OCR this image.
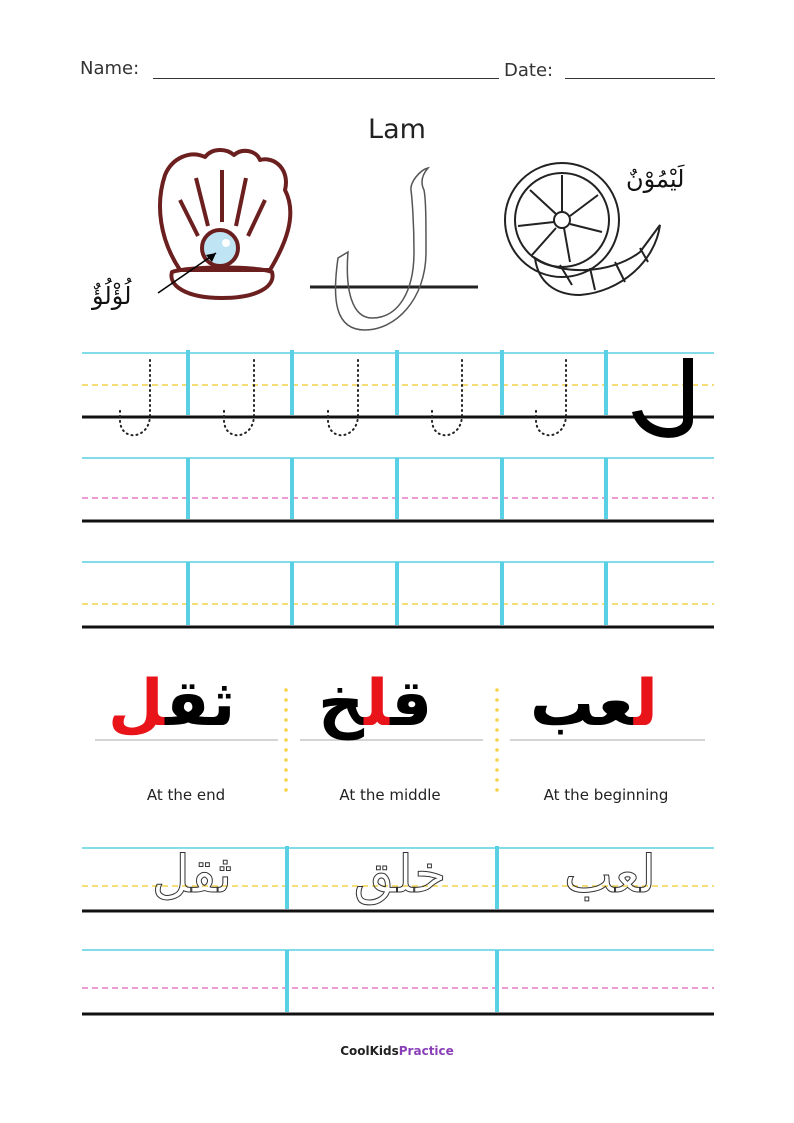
Name:	Date:
Lam
لُؤْلُؤٌ
لَيْمُوْنٌ
ثقل	قلخ	لعب
At the end	At the middle	At the beginning
ثقل	خلق	لعب
CoolKidsPractice
